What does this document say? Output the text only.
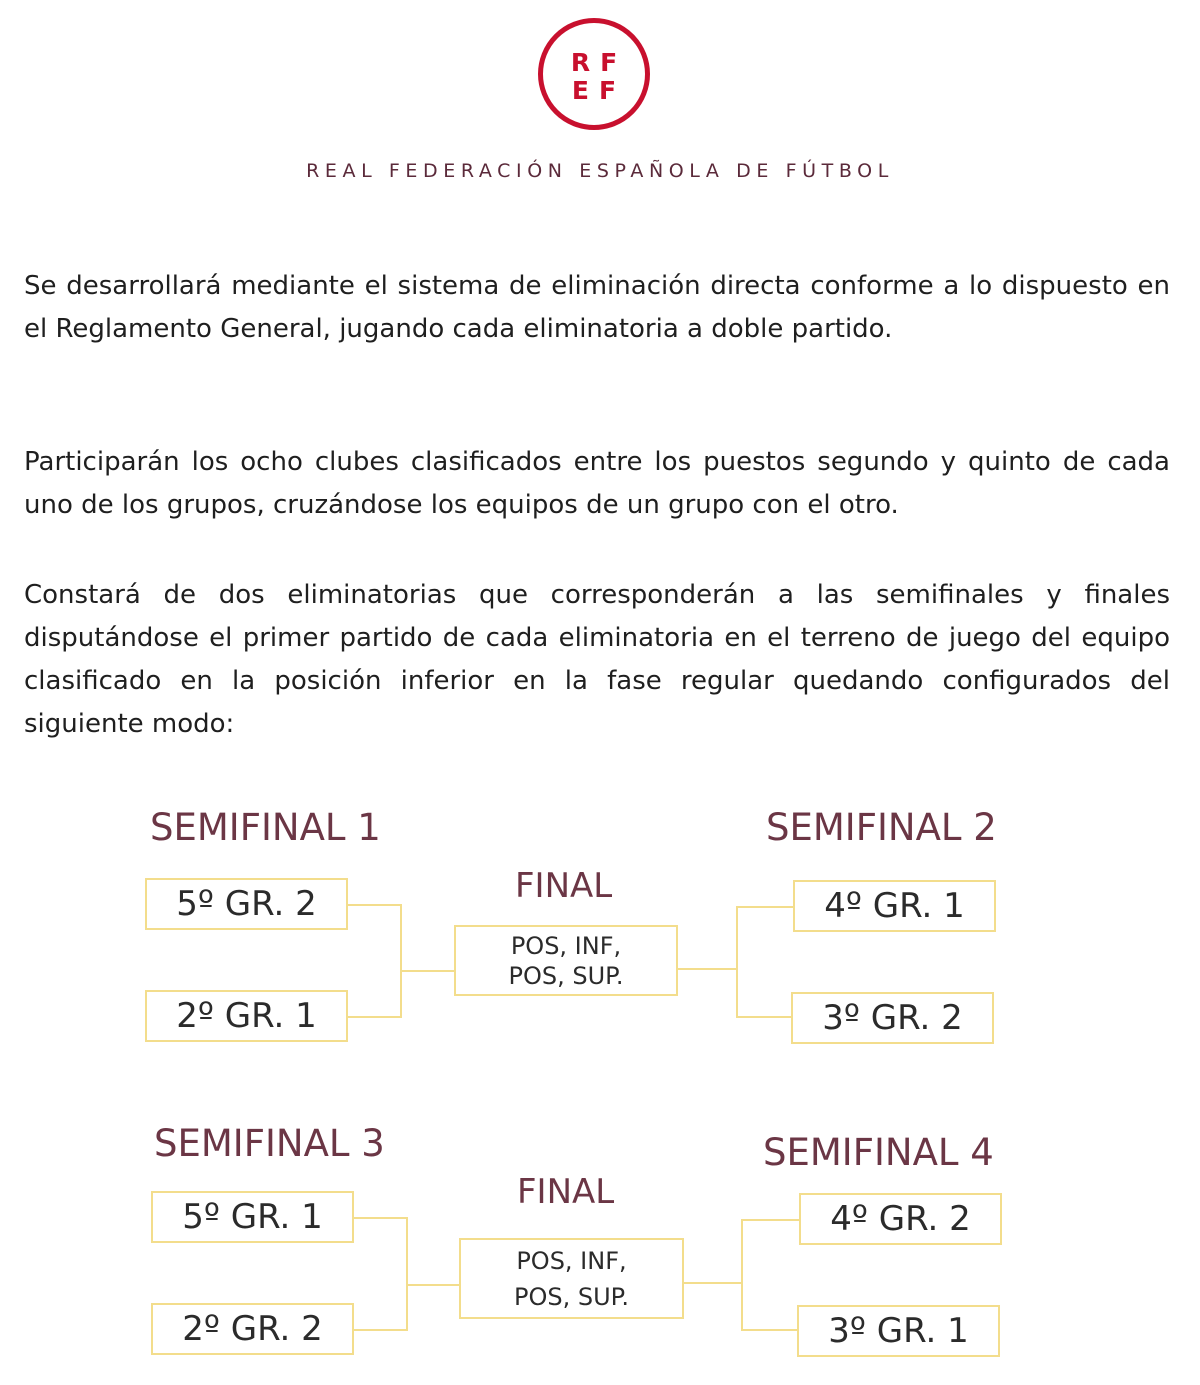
RF
EF
REAL FEDERACIÓN ESPAÑOLA DE FÚTBOL

Se desarrollará mediante el sistema de eliminación directa conforme a lo dispuesto en el Reglamento General, jugando cada eliminatoria a doble partido.

Participarán los ocho clubes clasificados entre los puestos segundo y quinto de cada uno de los grupos, cruzándose los equipos de un grupo con el otro.

Constará de dos eliminatorias que corresponderán a las semifinales y finales disputándose el primer partido de cada eliminatoria en el terreno de juego del equipo clasificado en la posición inferior en la fase regular quedando configurados del siguiente modo:

SEMIFINAL 1	SEMIFINAL 2
FINAL
5º GR. 2
2º GR. 1
4º GR. 1
3º GR. 2
POS, INF,
POS, SUP.
SEMIFINAL 3	SEMIFINAL 4
FINAL
5º GR. 1
2º GR. 2
4º GR. 2
3º GR. 1
POS, INF,
POS, SUP.
